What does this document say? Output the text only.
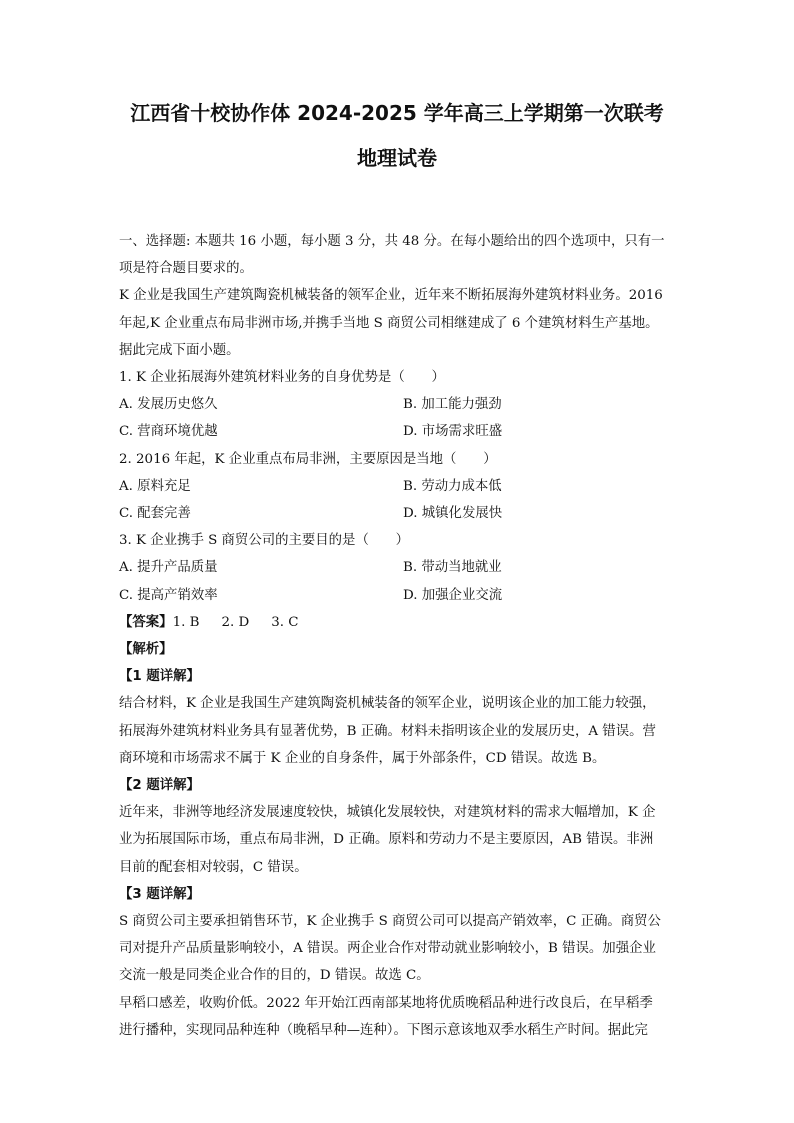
江西省十校协作体 2024-2025 学年高三上学期第一次联考
地理试卷

一、选择题: 本题共 16 小题，每小题 3 分，共 48 分。在每小题给出的四个选项中，只有一

项是符合题目要求的。

K 企业是我国生产建筑陶瓷机械装备的领军企业，近年来不断拓展海外建筑材料业务。2016

年起,K 企业重点布局非洲市场,并携手当地 S 商贸公司相继建成了 6 个建筑材料生产基地。

据此完成下面小题。

1. K 企业拓展海外建筑材料业务的自身优势是（　　）

A. 发展历史悠久	B. 加工能力强劲
C. 营商环境优越	D. 市场需求旺盛

2. 2016 年起，K 企业重点布局非洲，主要原因是当地（　　）

A. 原料充足	B. 劳动力成本低
C. 配套完善	D. 城镇化发展快

3. K 企业携手 S 商贸公司的主要目的是（　　）

A. 提升产品质量	B. 带动当地就业
C. 提高产销效率	D. 加强企业交流

【答案】1. B 2. D 3. C

【解析】

【1 题详解】

结合材料，K 企业是我国生产建筑陶瓷机械装备的领军企业，说明该企业的加工能力较强，

拓展海外建筑材料业务具有显著优势，B 正确。材料未指明该企业的发展历史，A 错误。营

商环境和市场需求不属于 K 企业的自身条件，属于外部条件，CD 错误。故选 B。

【2 题详解】

近年来，非洲等地经济发展速度较快，城镇化发展较快，对建筑材料的需求大幅增加，K 企

业为拓展国际市场，重点布局非洲，D 正确。原料和劳动力不是主要原因，AB 错误。非洲

目前的配套相对较弱，C 错误。

【3 题详解】

S 商贸公司主要承担销售环节，K 企业携手 S 商贸公司可以提高产销效率，C 正确。商贸公

司对提升产品质量影响较小，A 错误。两企业合作对带动就业影响较小，B 错误。加强企业

交流一般是同类企业合作的目的，D 错误。故选 C。

早稻口感差，收购价低。2022 年开始江西南部某地将优质晚稻品种进行改良后，在早稻季

进行播种，实现同品种连种（晚稻早种—连种）。下图示意该地双季水稻生产时间。据此完
